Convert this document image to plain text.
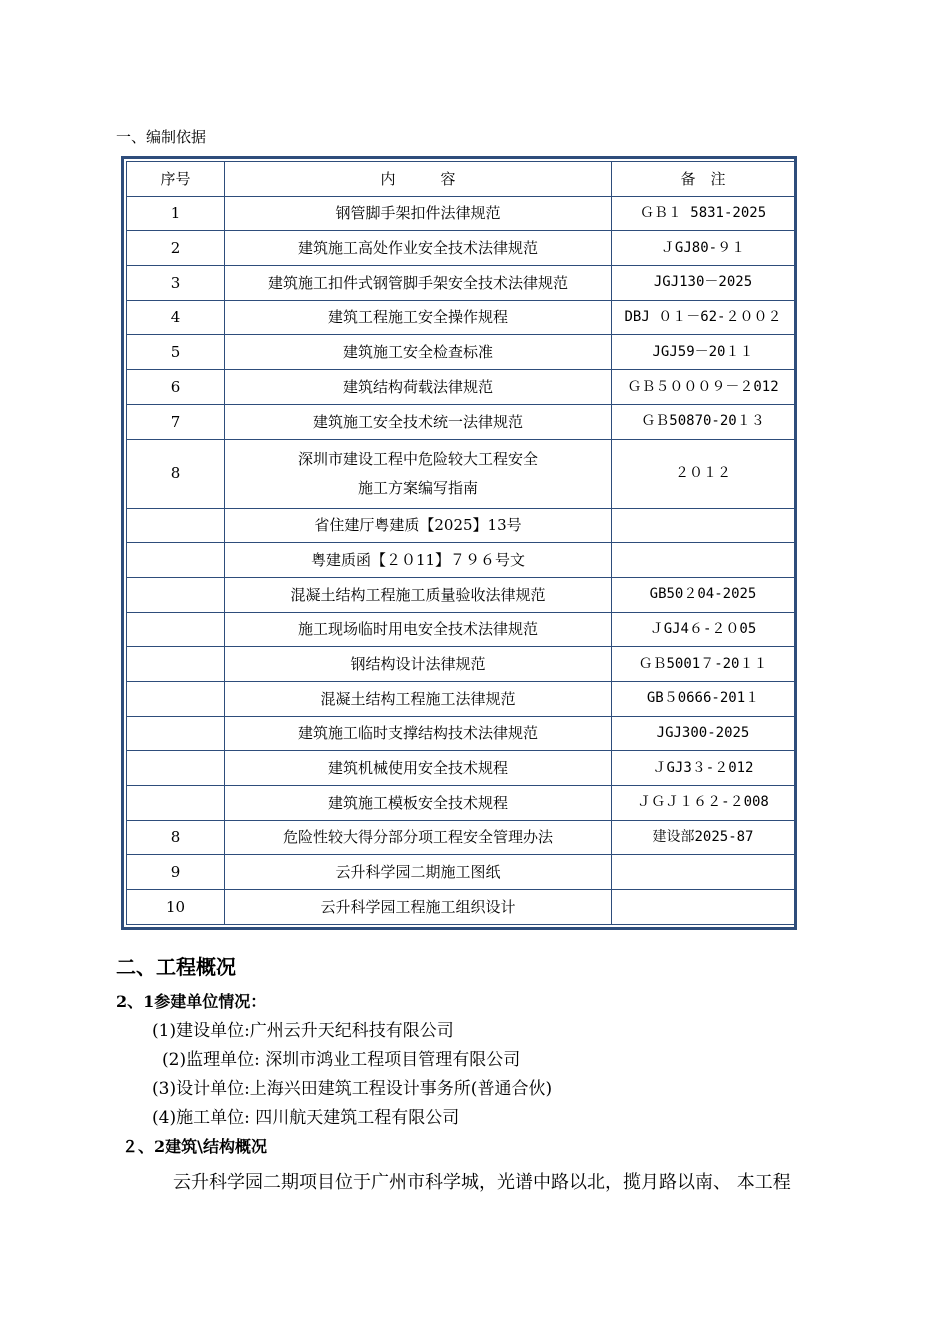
一、编制依据
序号	内　　　容	备　注
1	钢管脚手架扣件法律规范	ＧＢ１ 5831-2025
2	建筑施工高处作业安全技术法律规范	ＪGJ80-９１
3	建筑施工扣件式钢管脚手架安全技术法律规范	JGJ130－2025
4	建筑工程施工安全操作规程	DBJ ０１－62-２００２
5	建筑施工安全检查标准	JGJ59－20１１
6	建筑结构荷载法律规范	ＧＢ５０００９－２012
7	建筑施工安全技术统一法律规范	ＧＢ50870-20１３
8	深圳市建设工程中危险较大工程安全
施工方案编写指南	２０１２
	省住建厅粤建质【2025】13号	
	粤建质函【２０11】７９６号文	
	混凝土结构工程施工质量验收法律规范	GB50２04-2025
	施工现场临时用电安全技术法律规范	ＪGJ4６-２０05
	钢结构设计法律规范	ＧＢ5001７-20１１
	混凝土结构工程施工法律规范	GB５0666-201１
	建筑施工临时支撑结构技术法律规范	JGJ300-2025
	建筑机械使用安全技术规程	ＪGJ3３-２012
	建筑施工模板安全技术规程	ＪＧＪ１６２-２008
8	危险性较大得分部分项工程安全管理办法	建设部2025-87
9	云升科学园二期施工图纸	
10	云升科学园工程施工组织设计	
二、工程概况
2、1参建单位情况：
(1)建设单位:广州云升天纪科技有限公司
(2)监理单位: 深圳市鸿业工程项目管理有限公司
(3)设计单位:上海兴田建筑工程设计事务所(普通合伙)
(4)施工单位: 四川航天建筑工程有限公司
２、2建筑\结构概况
云升科学园二期项目位于广州市科学城，光谱中路以北，揽月路以南、 本工程
